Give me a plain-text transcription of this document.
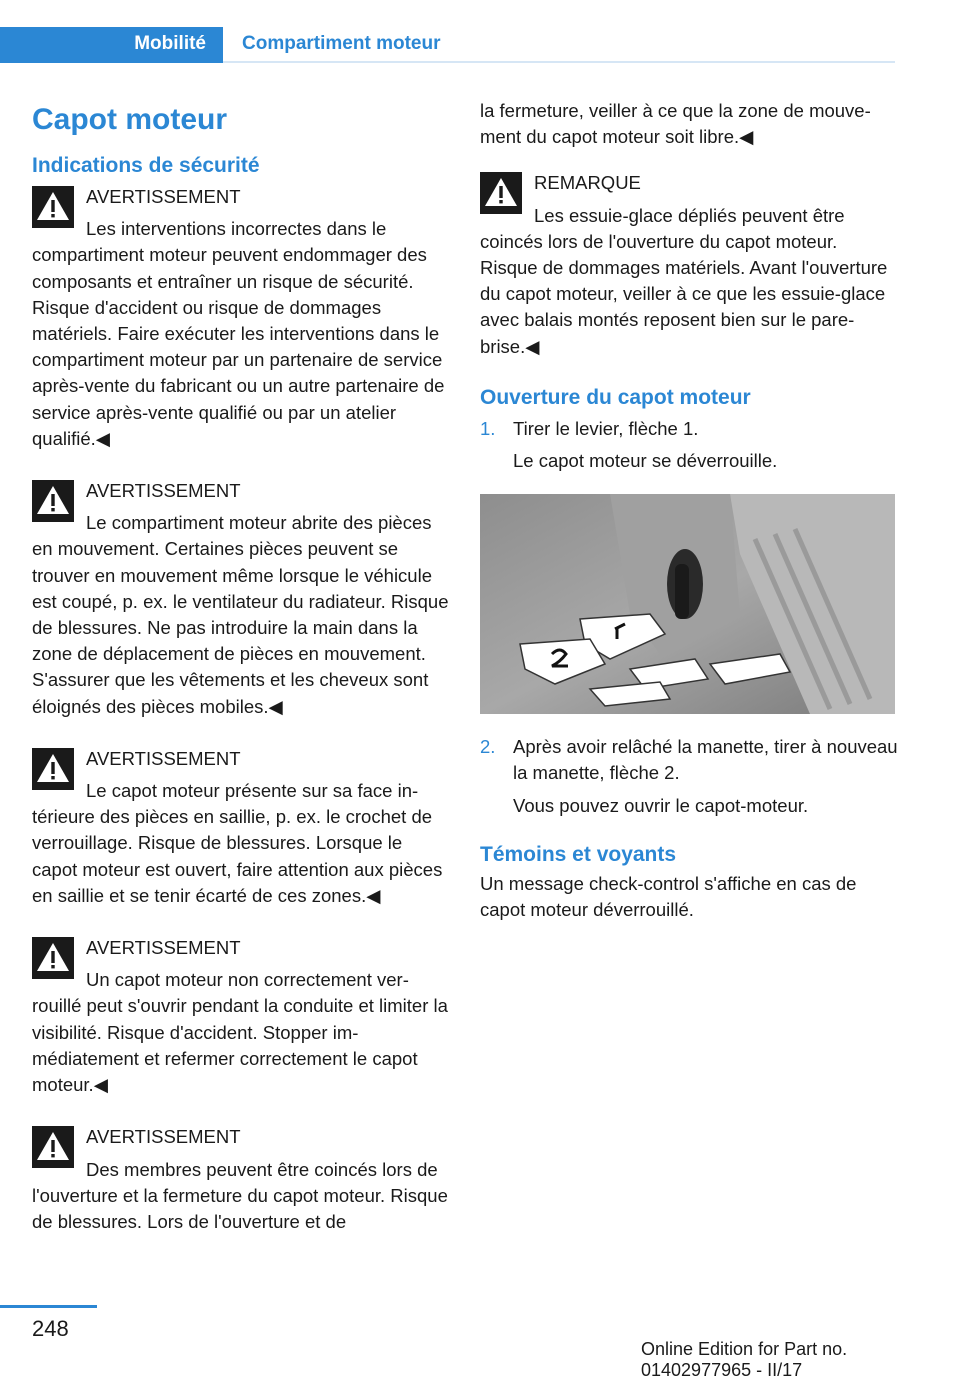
Mobilité Compartiment moteur
Capot moteur
Indications de sécurité
AVERTISSEMENT

Les interventions incorrectes dans le compartiment moteur peuvent endommager des composants et entraîner un risque de sécurité. Risque d'accident ou risque de dommages matériels. Faire exécuter les interventions dans le compartiment moteur par un partenaire de service après-vente du fabricant ou un autre partenaire de service après-vente qualifié ou par un atelier qualifié.◀

AVERTISSEMENT

Le compartiment moteur abrite des pièces en mouvement. Certaines pièces peuvent se trouver en mouvement même lorsque le véhicule est coupé, p. ex. le ventilateur du radiateur. Risque de blessures. Ne pas introduire la main dans la zone de déplacement de pièces en mouvement. S'assurer que les vêtements et les cheveux sont éloignés des pièces mobiles.◀

AVERTISSEMENT

Le capot moteur présente sur sa face intérieure des pièces en saillie, p. ex. le crochet de verrouillage. Risque de blessures. Lorsque le capot moteur est ouvert, faire attention aux pièces en saillie et se tenir écarté de ces zones.◀

AVERTISSEMENT

Un capot moteur non correctement verrouillé peut s'ouvrir pendant la conduite et limiter la visibilité. Risque d'accident. Stopper immédiatement et refermer correctement le capot moteur.◀

AVERTISSEMENT

Des membres peuvent être coincés lors de l'ouverture et la fermeture du capot moteur. Risque de blessures. Lors de l'ouverture et de

la fermeture, veiller à ce que la zone de mouvement du capot moteur soit libre.◀

REMARQUE

Les essuie-glace dépliés peuvent être coincés lors de l'ouverture du capot moteur. Risque de dommages matériels. Avant l'ouverture du capot moteur, veiller à ce que les essuie-glace avec balais montés reposent bien sur le pare-brise.◀

Ouverture du capot moteur
1. Tirer le levier, flèche 1.
Le capot moteur se déverrouille.
2. Après avoir relâché la manette, tirer à nouveau la manette, flèche 2.
Vous pouvez ouvrir le capot-moteur.
Témoins et voyants

Un message check-control s'affiche en cas de capot moteur déverrouillé.

248
Online Edition for Part no. 01402977965 - II/17
